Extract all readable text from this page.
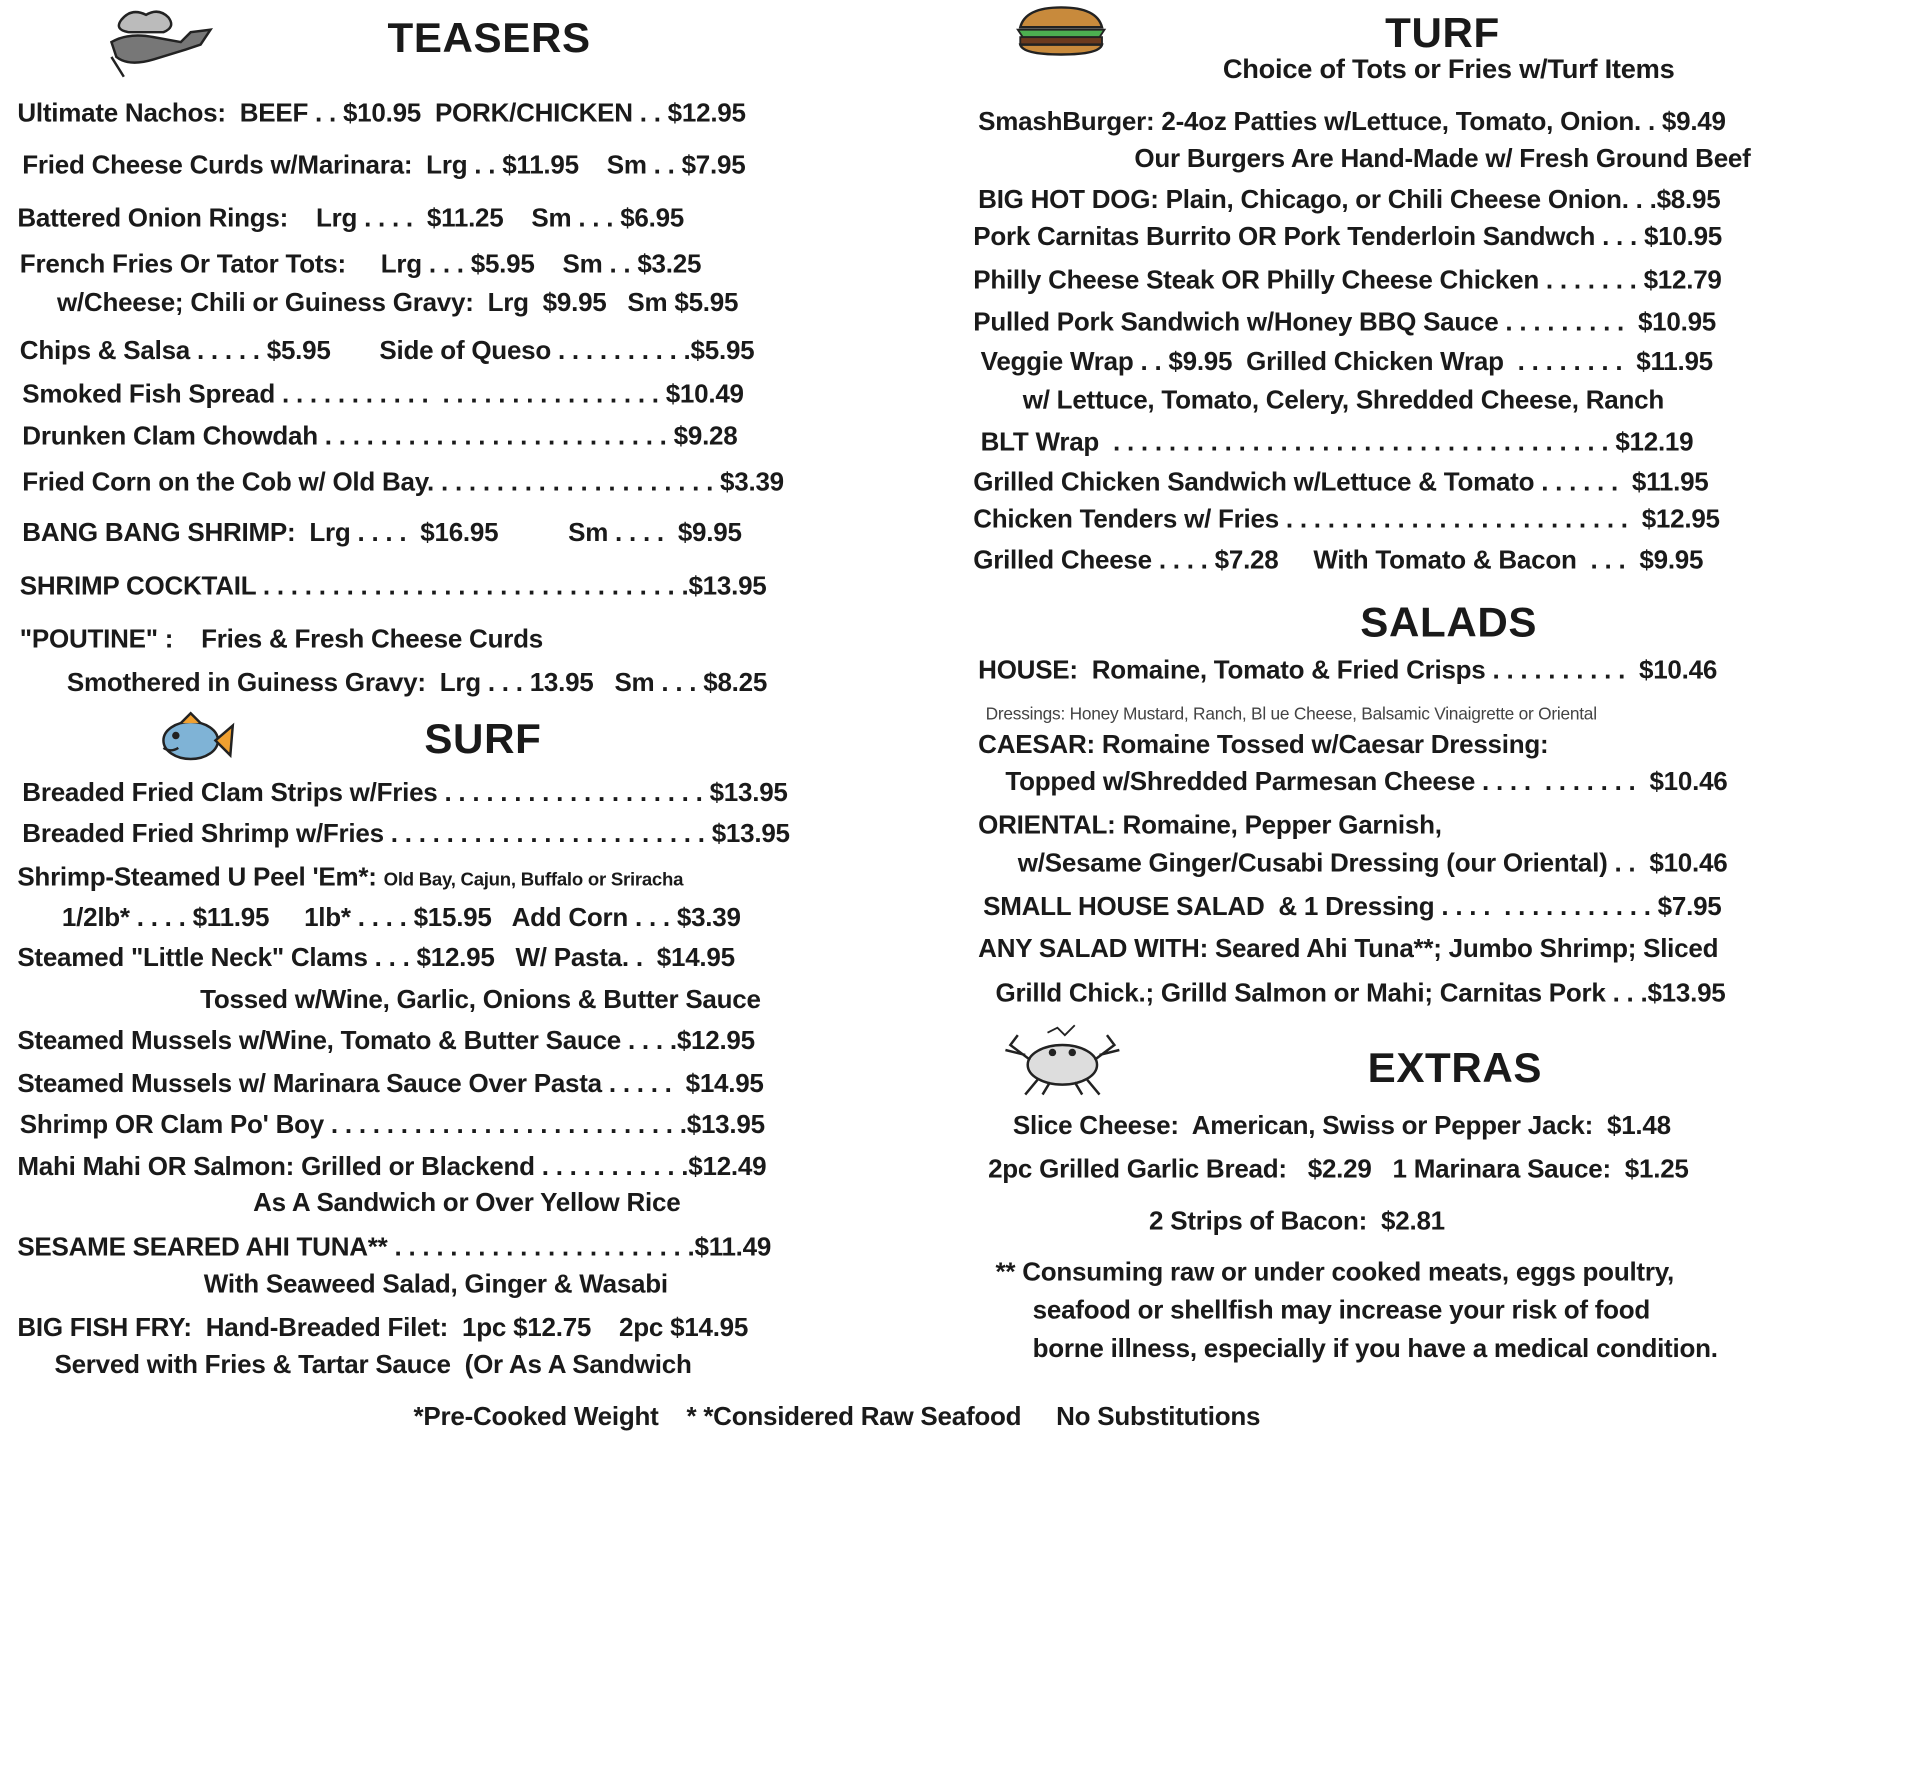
TEASERS
Ultimate Nachos:  BEEF . . $10.95  PORK/CHICKEN . . $12.95
Fried Cheese Curds w/Marinara:  Lrg . . $11.95    Sm . . $7.95
Battered Onion Rings:    Lrg . . . .  $11.25    Sm . . . $6.95
French Fries Or Tator Tots:     Lrg . . . $5.95    Sm . . $3.25
w/Cheese; Chili or Guiness Gravy:  Lrg  $9.95   Sm $5.95
Chips & Salsa . . . . . $5.95       Side of Queso . . . . . . . . . .$5.95
Smoked Fish Spread . . . . . . . . . . .  . . . . . . . . . . . . . . . . $10.49
Drunken Clam Chowdah . . . . . . . . . . . . . . . . . . . . . . . . . $9.28
Fried Corn on the Cob w/ Old Bay. . . . . . . . . . . . . . . . . . . . . $3.39
BANG BANG SHRIMP:  Lrg . . . .  $16.95          Sm . . . .  $9.95
SHRIMP COCKTAIL . . . . . . . . . . . . . . . . . . . . . . . . . . . . . . .$13.95
"POUTINE" :    Fries & Fresh Cheese Curds
Smothered in Guiness Gravy:  Lrg . . . 13.95   Sm . . . $8.25
SURF
Breaded Fried Clam Strips w/Fries . . . . . . . . . . . . . . . . . . . $13.95
Breaded Fried Shrimp w/Fries . . . . . . . . . . . . . . . . . . . . . . . $13.95
Shrimp-Steamed U Peel 'Em*: Old Bay, Cajun, Buffalo or Sriracha
1/2lb* . . . . $11.95     1lb* . . . . $15.95   Add Corn . . . $3.39
Steamed "Little Neck" Clams . . . $12.95   W/ Pasta. .  $14.95
Tossed w/Wine, Garlic, Onions & Butter Sauce
Steamed Mussels w/Wine, Tomato & Butter Sauce . . . .$12.95
Steamed Mussels w/ Marinara Sauce Over Pasta . . . . .  $14.95
Shrimp OR Clam Po' Boy . . . . . . . . . . . . . . . . . . . . . . . . . .$13.95
Mahi Mahi OR Salmon: Grilled or Blackend . . . . . . . . . . .$12.49
As A Sandwich or Over Yellow Rice
SESAME SEARED AHI TUNA** . . . . . . . . . . . . . . . . . . . . . .$11.49
With Seaweed Salad, Ginger & Wasabi
BIG FISH FRY:  Hand-Breaded Filet:  1pc $12.75    2pc $14.95
Served with Fries & Tartar Sauce  (Or As A Sandwich
TURF
Choice of Tots or Fries w/Turf Items
SmashBurger: 2-4oz Patties w/Lettuce, Tomato, Onion. . $9.49
Our Burgers Are Hand-Made w/ Fresh Ground Beef
BIG HOT DOG: Plain, Chicago, or Chili Cheese Onion. . .$8.95
Pork Carnitas Burrito OR Pork Tenderloin Sandwch . . . $10.95
Philly Cheese Steak OR Philly Cheese Chicken . . . . . . . $12.79
Pulled Pork Sandwich w/Honey BBQ Sauce . . . . . . . . .  $10.95
Veggie Wrap . . $9.95  Grilled Chicken Wrap  . . . . . . . .  $11.95
w/ Lettuce, Tomato, Celery, Shredded Cheese, Ranch
BLT Wrap  . . . . . . . . . . . . . . . . . . . . . . . . . . . . . . . . . . . . $12.19
Grilled Chicken Sandwich w/Lettuce & Tomato . . . . . .  $11.95
Chicken Tenders w/ Fries . . . . . . . . . . . . . . . . . . . . . . . . .  $12.95
Grilled Cheese . . . . $7.28     With Tomato & Bacon  . . .  $9.95
SALADS
HOUSE:  Romaine, Tomato & Fried Crisps . . . . . . . . . .  $10.46
Dressings: Honey Mustard, Ranch, Bl ue Cheese, Balsamic Vinaigrette or Oriental
CAESAR: Romaine Tossed w/Caesar Dressing:
Topped w/Shredded Parmesan Cheese . . . .  . . . . . . .  $10.46
ORIENTAL: Romaine, Pepper Garnish,
w/Sesame Ginger/Cusabi Dressing (our Oriental) . .  $10.46
SMALL HOUSE SALAD  & 1 Dressing . . . .  . . . . . . . . . . . $7.95
ANY SALAD WITH: Seared Ahi Tuna**; Jumbo Shrimp; Sliced
Grilld Chick.; Grilld Salmon or Mahi; Carnitas Pork . . .$13.95
EXTRAS
Slice Cheese:  American, Swiss or Pepper Jack:  $1.48
2pc Grilled Garlic Bread:   $2.29   1 Marinara Sauce:  $1.25
2 Strips of Bacon:  $2.81
** Consuming raw or under cooked meats, eggs poultry,
seafood or shellfish may increase your risk of food
borne illness, especially if you have a medical condition.
*Pre-Cooked Weight    * *Considered Raw Seafood     No Substitutions
